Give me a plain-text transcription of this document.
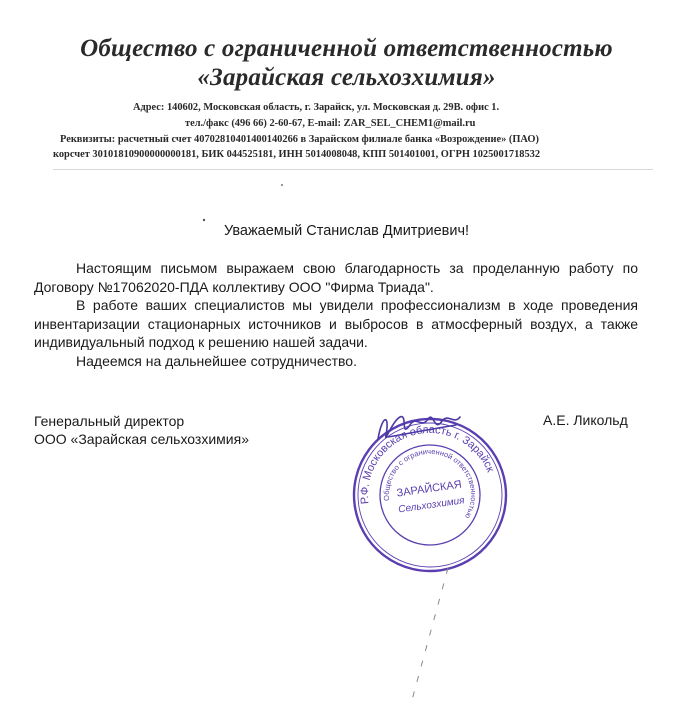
Общество с ограниченной ответственностью
«Зарайская сельхозхимия»

Адрес: 140602, Московская область, г. Зарайск, ул. Московская д. 29В. офис 1.

тел./факс (496 66) 2-60-67, E-mail: ZAR_SEL_CHEM1@mail.ru

Реквизиты: расчетный счет 40702810401400140266 в Зарайском филиале банка «Возрождение» (ПАО)

корсчет 30101810900000000181, БИК 044525181, ИНН 5014008048, КПП 501401001, ОГРН 1025001718532

Уважаемый Станислав Дмитриевич!

Настоящим письмом выражаем свою благодарность за проделанную работу по Договору №17062020-ПДА коллективу ООО "Фирма Триада".

В работе ваших специалистов мы увидели профессионализм в ходе проведения инвентаризации стационарных источников и выбросов в атмосферный воздух, а также индивидуальный подход к решению нашей задачи.

Надеемся на дальнейшее сотрудничество.

Генеральный директор
ООО «Зарайская сельхозхимия»
А.Е. Ликольд
Р.Ф. Московская область г. Зарайск
Общество с ограниченной ответственностью
ЗАРАЙСКАЯ
Сельхозхимия
